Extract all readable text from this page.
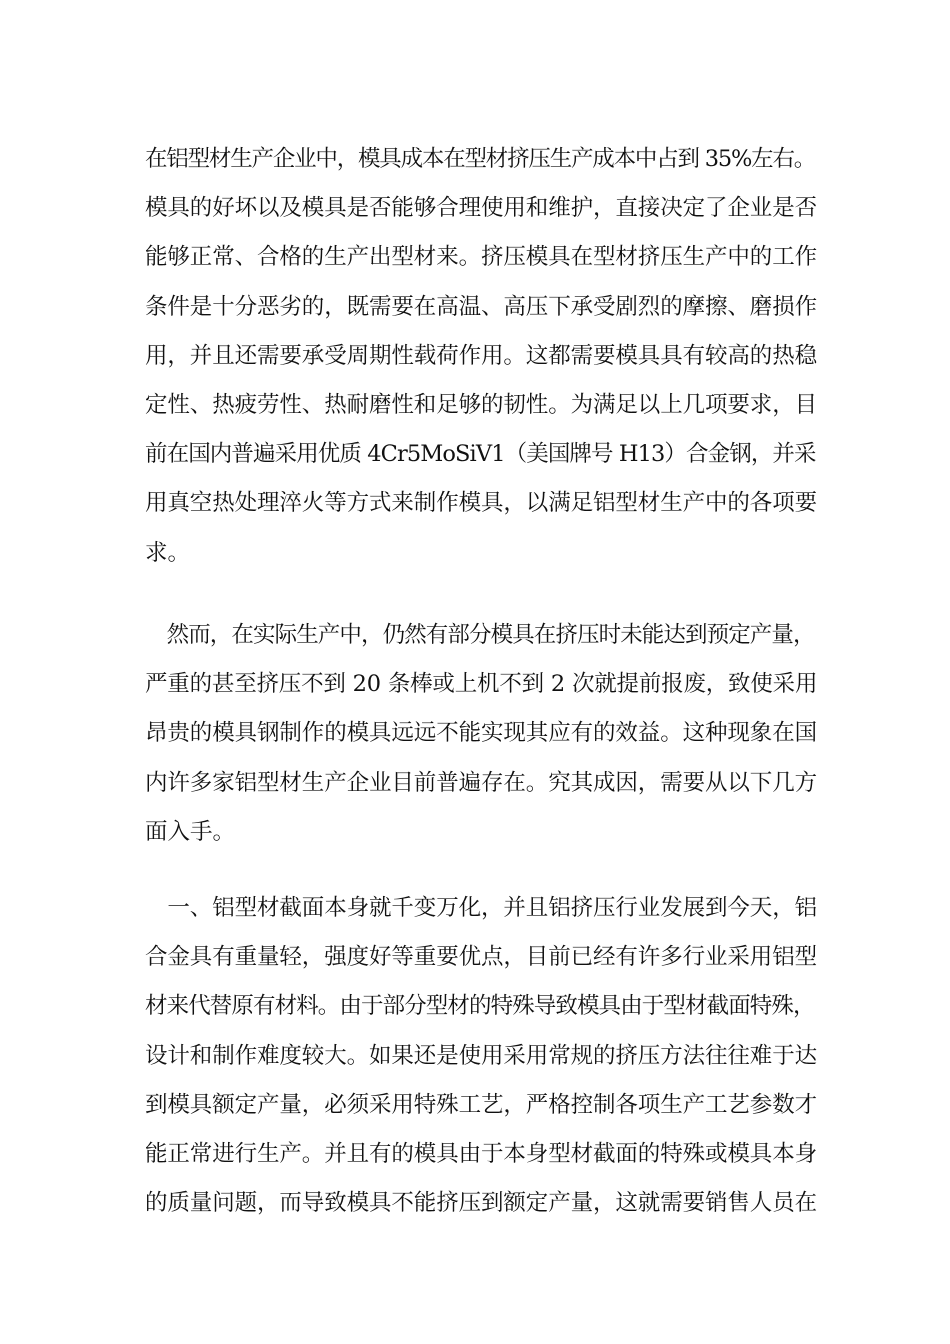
在铝型材生产企业中，模具成本在型材挤压生产成本中占到 35%左右。
模具的好坏以及模具是否能够合理使用和维护，直接决定了企业是否
能够正常、合格的生产出型材来。挤压模具在型材挤压生产中的工作
条件是十分恶劣的，既需要在高温、高压下承受剧烈的摩擦、磨损作
用，并且还需要承受周期性载荷作用。这都需要模具具有较高的热稳
定性、热疲劳性、热耐磨性和足够的韧性。为满足以上几项要求，目
前在国内普遍采用优质 4Cr5MoSiV1（美国牌号 H13）合金钢，并采
用真空热处理淬火等方式来制作模具，以满足铝型材生产中的各项要
求。
　然而，在实际生产中，仍然有部分模具在挤压时未能达到预定产量，
严重的甚至挤压不到 20 条棒或上机不到 2 次就提前报废，致使采用
昂贵的模具钢制作的模具远远不能实现其应有的效益。这种现象在国
内许多家铝型材生产企业目前普遍存在。究其成因，需要从以下几方
面入手。
　一、铝型材截面本身就千变万化，并且铝挤压行业发展到今天，铝
合金具有重量轻，强度好等重要优点，目前已经有许多行业采用铝型
材来代替原有材料。由于部分型材的特殊导致模具由于型材截面特殊，
设计和制作难度较大。如果还是使用采用常规的挤压方法往往难于达
到模具额定产量，必须采用特殊工艺，严格控制各项生产工艺参数才
能正常进行生产。并且有的模具由于本身型材截面的特殊或模具本身
的质量问题，而导致模具不能挤压到额定产量，这就需要销售人员在
